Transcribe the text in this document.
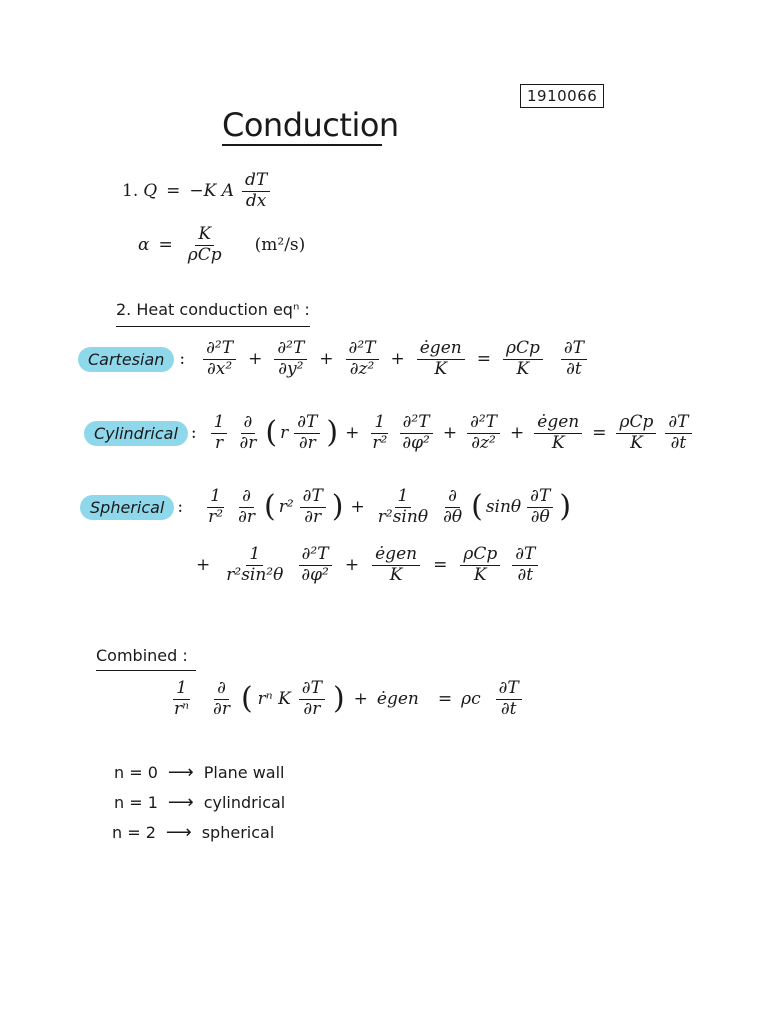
1910066
Conduction
1. Q = −K A $\frac{dT}{dx}$
$\alpha = \frac{K}{\text{ρCp}} (m^2/s)$
2. Heat conduction eqⁿ :
Cartesian : $\frac{\text{∂²T}}{\text{∂x²}} + \frac{\text{∂²T}}{\text{∂y²}} + \frac{\text{∂²T}}{\text{∂z²}} + \frac{\text{ėgen}}{K} = \frac{\text{ρCp}}{K} \frac{\partial T}{\partial t}$
Cylindrical : $\frac{1}{r} \frac{\partial}{\partial r}$ ( r $\frac{\partial T}{\partial r}$ ) + $\frac{1}{\text{r²}} \frac{\text{∂²T}}{\text{∂φ²}} + \frac{\text{∂²T}}{\text{∂z²}} + \frac{\text{ėgen}}{K} = \frac{\text{ρCp}}{K} \frac{\partial T}{\partial t}$
Spherical : $\frac{1}{\text{r²}} \frac{\partial}{\partial r}$ ( $r^2 \frac{\partial T}{\partial r}$ ) + $\frac{1}{\text{r²sinθ}} \frac{\partial}{\partial\theta}$ ( sinθ $\frac{\partial T}{\partial\theta}$ )
+ $\frac{1}{\text{r²sin²θ}} \frac{\text{∂²T}}{\text{∂φ²}} + \frac{\text{ėgen}}{K} = \frac{\text{ρCp}}{K} \frac{\partial T}{\partial t}$
Combined :
$\frac{1}{\text{rⁿ}} \frac{\partial}{\partial r}$ ( rⁿ K $\frac{\partial T}{\partial r}$ ) + ėgen = ρc $\frac{\partial T}{\partial t}$
n = 0 ⟶ Plane wall
n = 1 ⟶ cylindrical
n = 2 ⟶ spherical
